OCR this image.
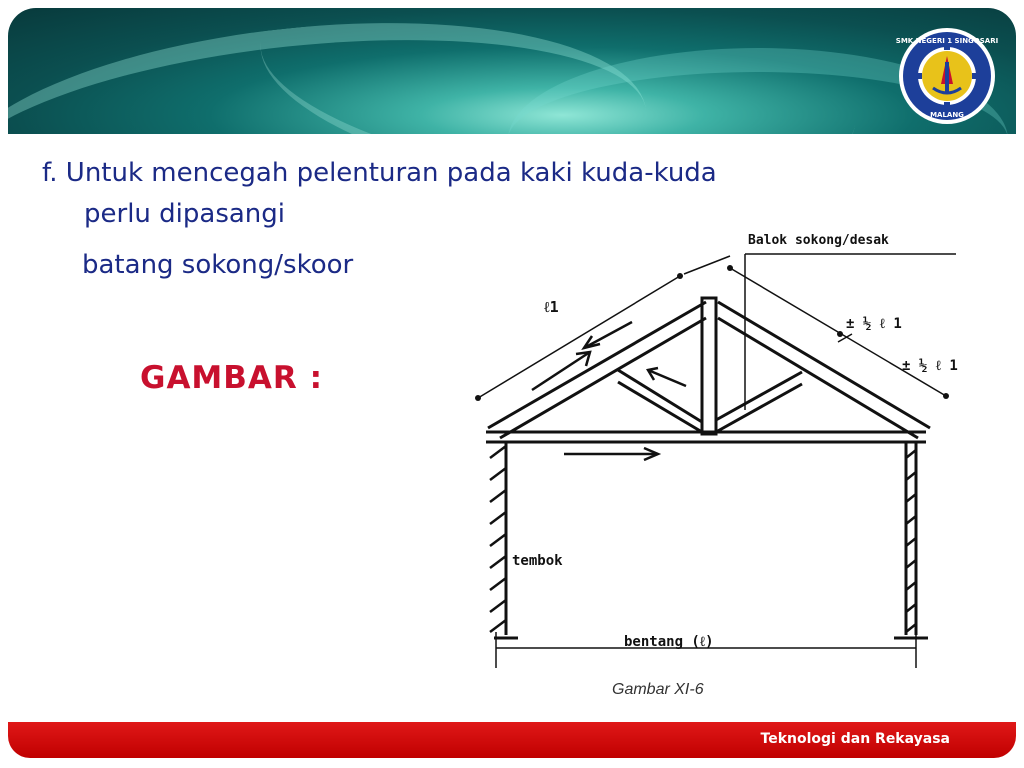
SMK NEGERI 1 SINGOSARI
MALANG
f. Untuk mencegah pelenturan pada kaki kuda-kuda
perlu dipasangi
batang sokong/skoor
GAMBAR :
Balok sokong/desak
ℓ1
± ½ ℓ 1
± ½ ℓ 1
tembok
bentang (ℓ)
Gambar XI-6
Teknologi dan Rekayasa
